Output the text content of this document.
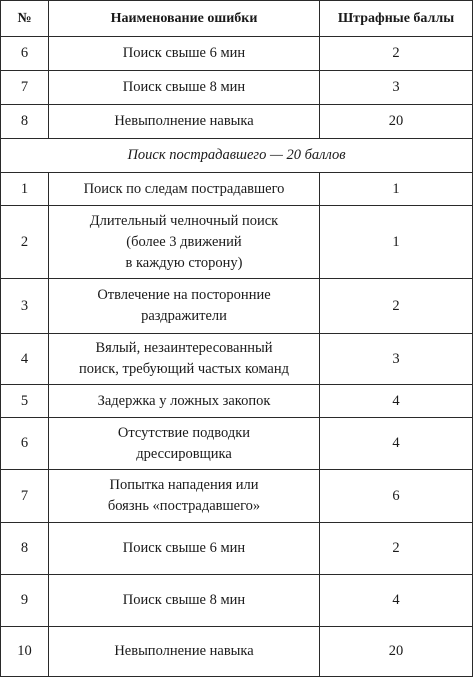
№	Наименование ошибки	Штрафные баллы
6	Поиск свыше 6 мин	2
7	Поиск свыше 8 мин	3
8	Невыполнение навыка	20
Поиск пострадавшего — 20 баллов		
1	Поиск по следам пострадавшего	1
2	Длительный челночный поиск
(более 3 движений
в каждую сторону)	1
3	Отвлечение на посторонние
раздражители	2
4	Вялый, незаинтересованный
поиск, требующий частых команд	3
5	Задержка у ложных закопок	4
6	Отсутствие подводки
дрессировщика	4
7	Попытка нападения или
боязнь «пострадавшего»	6
8	Поиск свыше 6 мин	2
9	Поиск свыше 8 мин	4
10	Невыполнение навыка	20
